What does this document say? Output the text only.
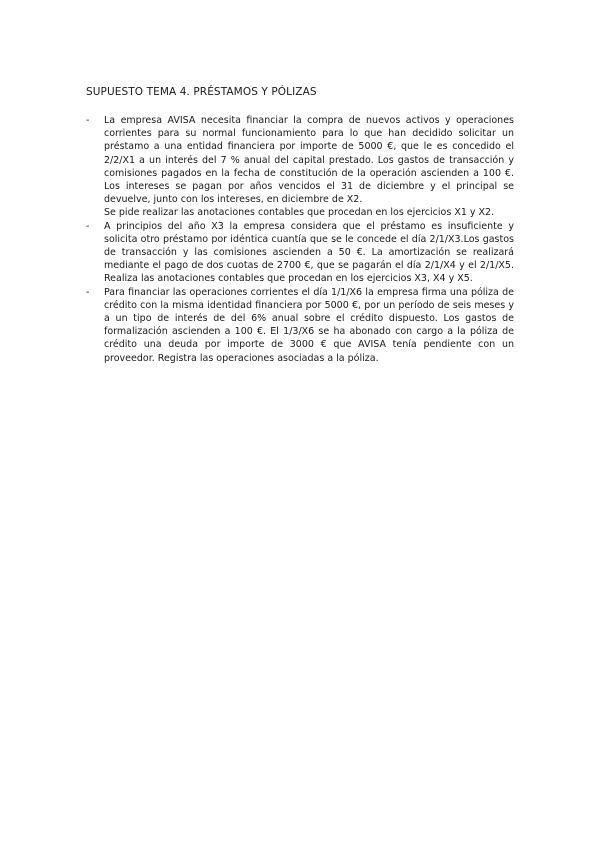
SUPUESTO TEMA 4. PRÉSTAMOS Y PÓLIZAS
- La empresa AVISA necesita financiar la compra de nuevos activos y operaciones corrientes para su normal funcionamiento para lo que han decidido solicitar un préstamo a una entidad financiera por importe de 5000 €, que le es concedido el 2/2/X1 a un interés del 7 % anual del capital prestado. Los gastos de transacción y comisiones pagados en la fecha de constitución de la operación ascienden a 100 €. Los intereses se pagan por años vencidos el 31 de diciembre y el principal se devuelve, junto con los intereses, en diciembre de X2.
Se pide realizar las anotaciones contables que procedan en los ejercicios X1 y X2.
- A principios del año X3 la empresa considera que el préstamo es insuficiente y solicita otro préstamo por idéntica cuantía que se le concede el día 2/1/X3.Los gastos de transacción y las comisiones ascienden a 50 €. La amortización se realizará mediante el pago de dos cuotas de 2700 €, que se pagarán el día 2/1/X4 y el 2/1/X5. Realiza las anotaciones contables que procedan en los ejercicios X3, X4 y X5.
- Para financiar las operaciones corrientes el día 1/1/X6 la empresa firma una póliza de crédito con la misma identidad financiera por 5000 €, por un período de seis meses y a un tipo de interés de del 6% anual sobre el crédito dispuesto. Los gastos de formalización ascienden a 100 €. El 1/3/X6 se ha abonado con cargo a la póliza de crédito una deuda por importe de 3000 € que AVISA tenía pendiente con un proveedor. Registra las operaciones asociadas a la póliza.
